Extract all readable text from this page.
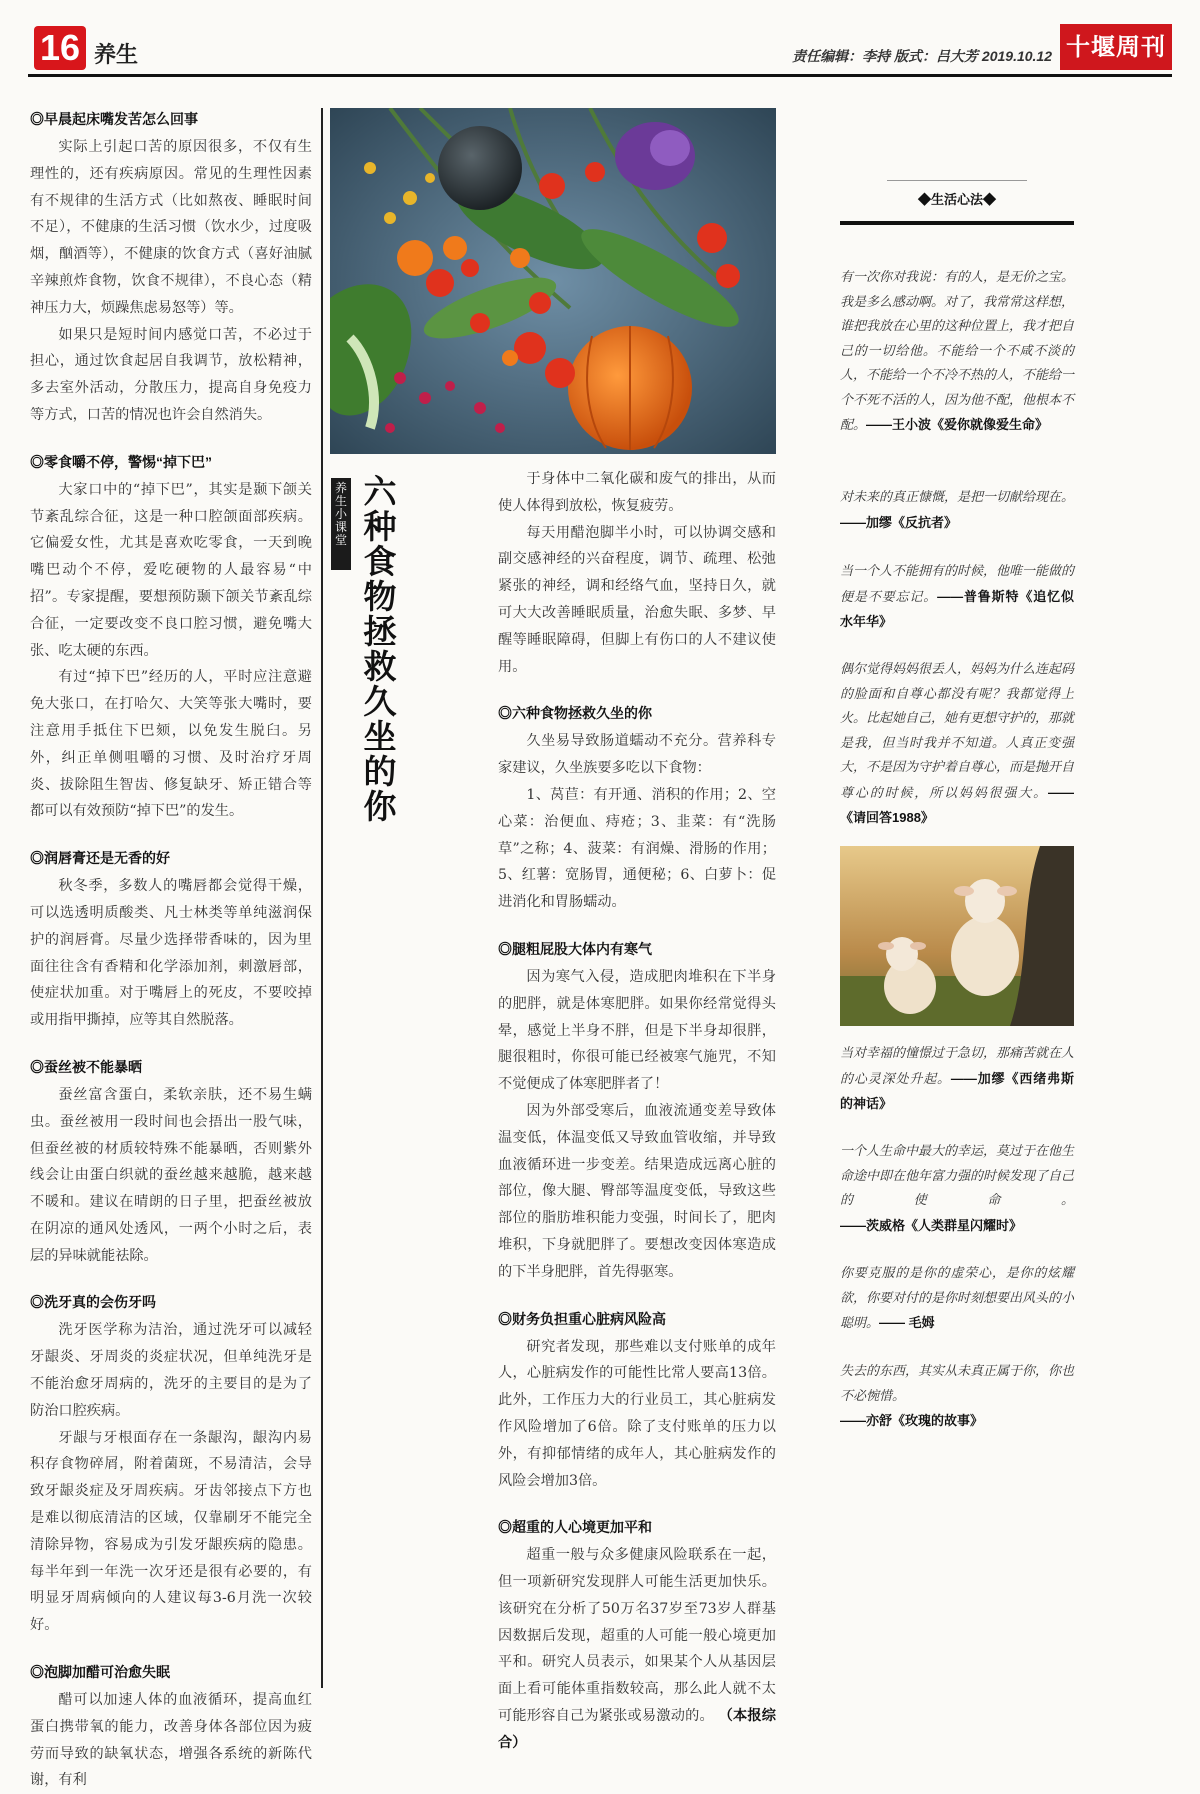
16 养生	责任编辑：李持 版式：吕大芳 2019.10.12 十堰周刊
◎早晨起床嘴发苦怎么回事

实际上引起口苦的原因很多，不仅有生理性的，还有疾病原因。常见的生理性因素有不规律的生活方式（比如熬夜、睡眠时间不足），不健康的生活习惯（饮水少，过度吸烟，酗酒等），不健康的饮食方式（喜好油腻辛辣煎炸食物，饮食不规律），不良心态（精神压力大，烦躁焦虑易怒等）等。

如果只是短时间内感觉口苦，不必过于担心，通过饮食起居自我调节，放松精神，多去室外活动，分散压力，提高自身免疫力等方式，口苦的情况也许会自然消失。

◎零食嚼不停，警惕“掉下巴”

大家口中的“掉下巴”，其实是颞下颌关节紊乱综合征，这是一种口腔颌面部疾病。它偏爱女性，尤其是喜欢吃零食，一天到晚嘴巴动个不停，爱吃硬物的人最容易“中招”。专家提醒，要想预防颞下颌关节紊乱综合征，一定要改变不良口腔习惯，避免嘴大张、吃太硬的东西。

有过“掉下巴”经历的人，平时应注意避免大张口，在打哈欠、大笑等张大嘴时，要注意用手抵住下巴颏，以免发生脱臼。另外，纠正单侧咀嚼的习惯、及时治疗牙周炎、拔除阻生智齿、修复缺牙、矫正错合等都可以有效预防“掉下巴”的发生。

◎润唇膏还是无香的好

秋冬季，多数人的嘴唇都会觉得干燥，可以选透明质酸类、凡士林类等单纯滋润保护的润唇膏。尽量少选择带香味的，因为里面往往含有香精和化学添加剂，刺激唇部，使症状加重。对于嘴唇上的死皮，不要咬掉或用指甲撕掉，应等其自然脱落。

◎蚕丝被不能暴晒

蚕丝富含蛋白，柔软亲肤，还不易生螨虫。蚕丝被用一段时间也会捂出一股气味，但蚕丝被的材质较特殊不能暴晒，否则紫外线会让由蛋白织就的蚕丝越来越脆，越来越不暖和。建议在晴朗的日子里，把蚕丝被放在阴凉的通风处透风，一两个小时之后，表层的异味就能祛除。

◎洗牙真的会伤牙吗

洗牙医学称为洁治，通过洗牙可以减轻牙龈炎、牙周炎的炎症状况，但单纯洗牙是不能治愈牙周病的，洗牙的主要目的是为了防治口腔疾病。

牙龈与牙根面存在一条龈沟，龈沟内易积存食物碎屑，附着菌斑，不易清洁，会导致牙龈炎症及牙周疾病。牙齿邻接点下方也是难以彻底清洁的区域，仅靠刷牙不能完全清除异物，容易成为引发牙龈疾病的隐患。每半年到一年洗一次牙还是很有必要的，有明显牙周病倾向的人建议每3-6月洗一次较好。

◎泡脚加醋可治愈失眠

醋可以加速人体的血液循环，提高血红蛋白携带氧的能力，改善身体各部位因为疲劳而导致的缺氧状态，增强各系统的新陈代谢，有利

养生小课堂
六种食物拯救久坐的你

于身体中二氧化碳和废气的排出，从而使人体得到放松，恢复疲劳。

每天用醋泡脚半小时，可以协调交感和副交感神经的兴奋程度，调节、疏理、松弛紧张的神经，调和经络气血，坚持日久，就可大大改善睡眠质量，治愈失眠、多梦、早醒等睡眠障碍，但脚上有伤口的人不建议使用。

◎六种食物拯救久坐的你

久坐易导致肠道蠕动不充分。营养科专家建议，久坐族要多吃以下食物：

1、莴苣：有开通、消积的作用；2、空心菜：治便血、痔疮；3、韭菜：有“洗肠草”之称；4、菠菜：有润燥、滑肠的作用；5、红薯：宽肠胃，通便秘；6、白萝卜：促进消化和胃肠蠕动。

◎腿粗屁股大体内有寒气

因为寒气入侵，造成肥肉堆积在下半身的肥胖，就是体寒肥胖。如果你经常觉得头晕，感觉上半身不胖，但是下半身却很胖，腿很粗时，你很可能已经被寒气施咒，不知不觉便成了体寒肥胖者了！

因为外部受寒后，血液流通变差导致体温变低，体温变低又导致血管收缩，并导致血液循环进一步变差。结果造成远离心脏的部位，像大腿、臀部等温度变低，导致这些部位的脂肪堆积能力变强，时间长了，肥肉堆积，下身就肥胖了。要想改变因体寒造成的下半身肥胖，首先得驱寒。

◎财务负担重心脏病风险高

研究者发现，那些难以支付账单的成年人，心脏病发作的可能性比常人要高13倍。此外，工作压力大的行业员工，其心脏病发作风险增加了6倍。除了支付账单的压力以外，有抑郁情绪的成年人，其心脏病发作的风险会增加3倍。

◎超重的人心境更加平和

超重一般与众多健康风险联系在一起，但一项新研究发现胖人可能生活更加快乐。该研究在分析了50万名37岁至73岁人群基因数据后发现，超重的人可能一般心境更加平和。研究人员表示，如果某个人从基因层面上看可能体重指数较高，那么此人就不太可能形容自己为紧张或易激动的。 （本报综合）

◆生活心法◆
有一次你对我说：有的人，是无价之宝。我是多么感动啊。对了，我常常这样想，谁把我放在心里的这种位置上，我才把自己的一切给他。不能给一个不咸不淡的人，不能给一个不冷不热的人，不能给一个不死不活的人，因为他不配，他根本不配。——王小波《爱你就像爱生命》
对未来的真正慷慨，是把一切献给现在。——加缪《反抗者》
当一个人不能拥有的时候，他唯一能做的便是不要忘记。——普鲁斯特《追忆似水年华》
偶尔觉得妈妈很丢人，妈妈为什么连起码的脸面和自尊心都没有呢？我都觉得上火。比起她自己，她有更想守护的，那就是我，但当时我并不知道。人真正变强大，不是因为守护着自尊心，而是抛开自尊心的时候，所以妈妈很强大。——《请回答1988》
当对幸福的憧憬过于急切，那痛苦就在人的心灵深处升起。——加缪《西绪弗斯的神话》
一个人生命中最大的幸运，莫过于在他生命途中即在他年富力强的时候发现了自己的使命。——茨威格《人类群星闪耀时》
你要克服的是你的虚荣心，是你的炫耀欲，你要对付的是你时刻想要出风头的小聪明。—— 毛姆
失去的东西，其实从未真正属于你，你也不必惋惜。
——亦舒《玫瑰的故事》
